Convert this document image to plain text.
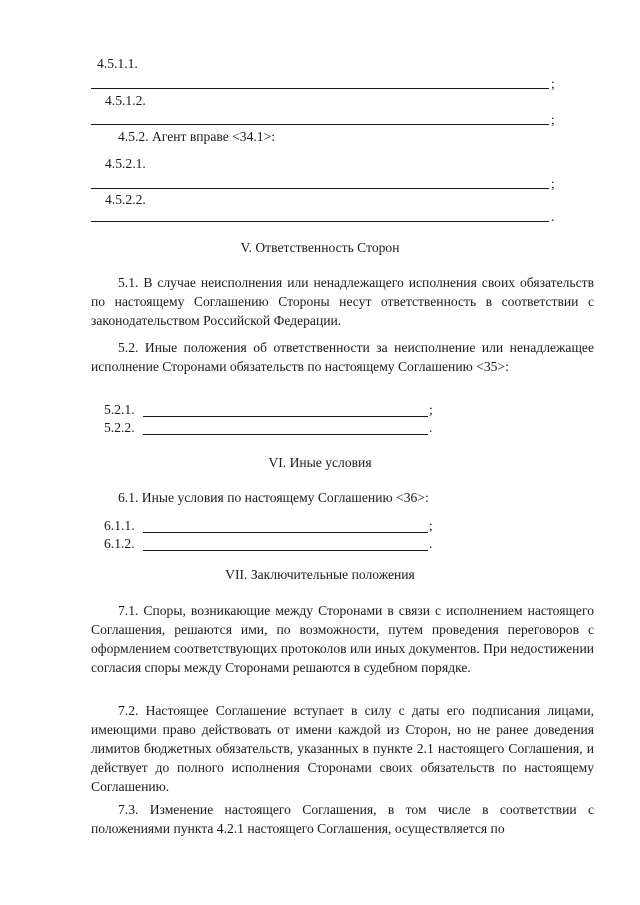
4.5.1.1.
;
4.5.1.2.
;
4.5.2. Агент вправе <34.1>:
4.5.2.1.
;
4.5.2.2.
.
V. Ответственность Сторон
5.1. В случае неисполнения или ненадлежащего исполнения своих обязательств по настоящему Соглашению Стороны несут ответственность в соответствии с законодательством Российской Федерации.
5.2. Иные положения об ответственности за неисполнение или ненадлежащее исполнение Сторонами обязательств по настоящему Соглашению <35>:
5.2.1.	;
5.2.2.	.
VI. Иные условия
6.1. Иные условия по настоящему Соглашению <36>:
6.1.1.	;
6.1.2.	.
VII. Заключительные положения
7.1. Споры, возникающие между Сторонами в связи с исполнением настоящего Соглашения, решаются ими, по возможности, путем проведения переговоров с оформлением соответствующих протоколов или иных документов. При недостижении согласия споры между Сторонами решаются в судебном порядке.
7.2. Настоящее Соглашение вступает в силу с даты его подписания лицами, имеющими право действовать от имени каждой из Сторон, но не ранее доведения лимитов бюджетных обязательств, указанных в пункте 2.1 настоящего Соглашения, и действует до полного исполнения Сторонами своих обязательств по настоящему Соглашению.
7.3. Изменение настоящего Соглашения, в том числе в соответствии с положениями пункта 4.2.1 настоящего Соглашения, осуществляется по
